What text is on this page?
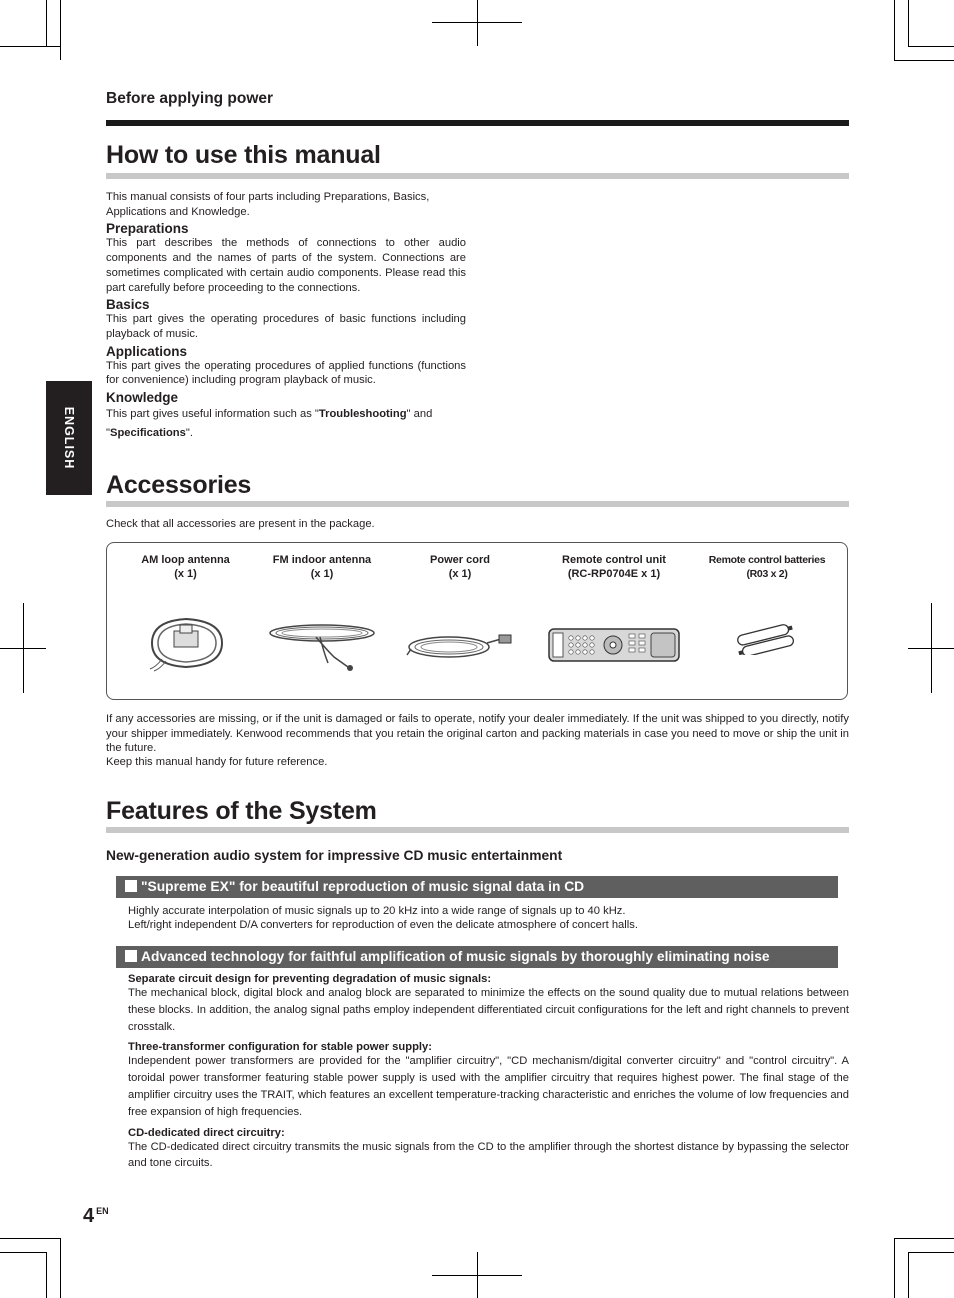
Before applying power
ENGLISH
How to use this manual
This manual consists of four parts including Preparations, Basics, Applications and Knowledge.
Preparations
This part describes the methods of connections to other audio components and the names of parts of the system. Connections are sometimes complicated with certain audio components. Please read this part carefully before proceeding to the connections.
Basics
This part gives the operating procedures of basic functions including playback of music.
Applications
This part gives the operating procedures of applied functions (functions for convenience) including program playback of music.
Knowledge
This part gives useful information such as "Troubleshooting" and "Specifications".
Accessories
Check that all accessories are present in the package.
AM loop antenna
(x 1)
FM indoor antenna
(x 1)
Power cord
(x 1)
Remote control unit
(RC-RP0704E x 1)
Remote control batteries
(R03 x 2)
If any accessories are missing, or if the unit is damaged or fails to operate, notify your dealer immediately. If the unit was shipped to you directly, notify your shipper immediately. Kenwood recommends that you retain the original carton and packing materials in case you need to move or ship the unit in the future.
Keep this manual handy for future reference.
Features of the System
New-generation audio system for impressive CD music entertainment
"Supreme EX" for beautiful reproduction of music signal data in CD
Highly accurate interpolation of music signals up to 20 kHz into a wide range of signals up to 40 kHz.
Left/right independent D/A converters for reproduction of even the delicate atmosphere of concert halls.
Advanced technology for faithful amplification of music signals by thoroughly eliminating noise
Separate circuit design for preventing degradation of music signals:
The mechanical block, digital block and analog block are separated to minimize the effects on the sound quality due to mutual relations between these blocks. In addition, the analog signal paths employ independent differentiated circuit configurations for the left and right channels to prevent crosstalk.
Three-transformer configuration for stable power supply:
Independent power transformers are provided for the "amplifier circuitry", "CD mechanism/digital converter circuitry" and "control circuitry". A toroidal power transformer featuring stable power supply is used with the amplifier circuitry that requires highest power. The final stage of the amplifier circuitry uses the TRAIT, which features an excellent temperature-tracking characteristic and enriches the volume of low frequencies and free expansion of high frequencies.
CD-dedicated direct circuitry:
The CD-dedicated direct circuitry transmits the music signals from the CD to the amplifier through the shortest distance by bypassing the selector and tone circuits.
4 $^{EN}$
